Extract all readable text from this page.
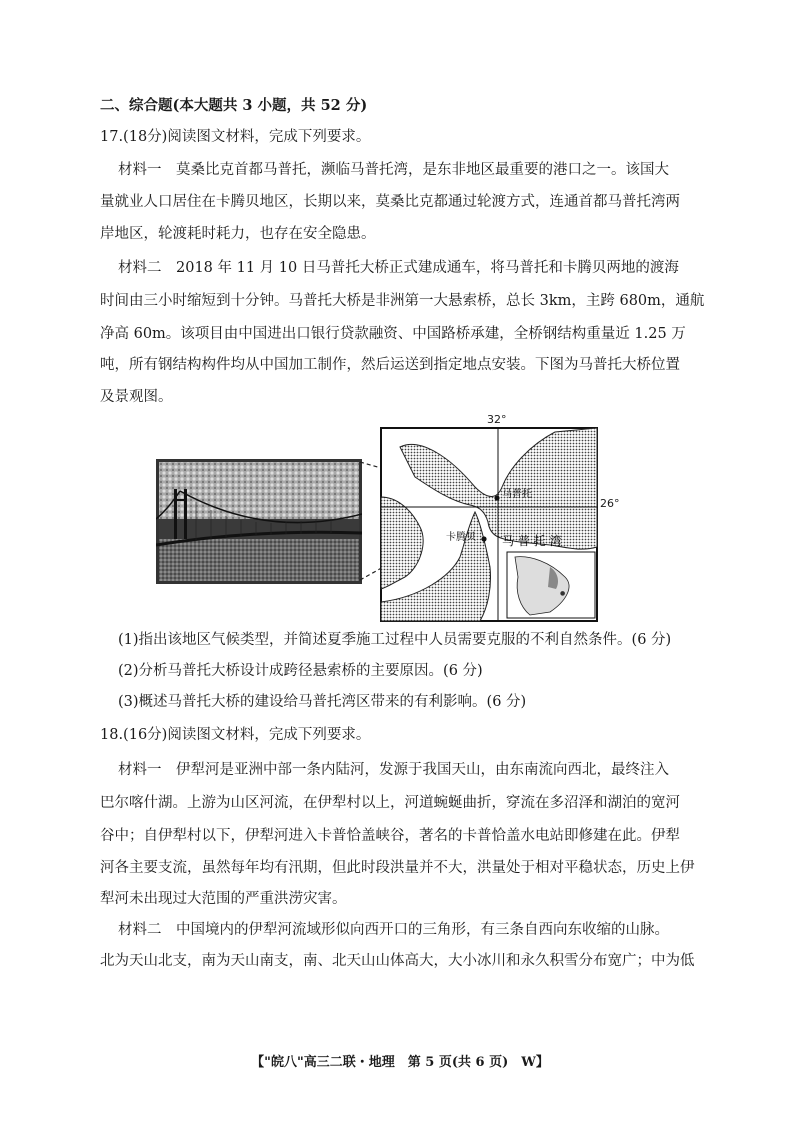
二、综合题(本大题共 3 小题，共 52 分)
17.(18分)阅读图文材料，完成下列要求。
材料一　莫桑比克首都马普托，濒临马普托湾，是东非地区最重要的港口之一。该国大
量就业人口居住在卡腾贝地区，长期以来，莫桑比克都通过轮渡方式，连通首都马普托湾两
岸地区，轮渡耗时耗力，也存在安全隐患。
材料二　2018 年 11 月 10 日马普托大桥正式建成通车，将马普托和卡腾贝两地的渡海
时间由三小时缩短到十分钟。马普托大桥是非洲第一大悬索桥，总长 3km，主跨 680m，通航
净高 60m。该项目由中国进出口银行贷款融资、中国路桥承建，全桥钢结构重量近 1.25 万
吨，所有钢结构构件均从中国加工制作，然后运送到指定地点安装。下图为马普托大桥位置
及景观图。
马普托
卡腾贝 马 普 托 湾
●
32°
26°
(1)指出该地区气候类型，并简述夏季施工过程中人员需要克服的不利自然条件。(6 分)
(2)分析马普托大桥设计成跨径悬索桥的主要原因。(6 分)
(3)概述马普托大桥的建设给马普托湾区带来的有利影响。(6 分)
18.(16分)阅读图文材料，完成下列要求。
材料一　伊犁河是亚洲中部一条内陆河，发源于我国天山，由东南流向西北，最终注入
巴尔喀什湖。上游为山区河流，在伊犁村以上，河道蜿蜒曲折，穿流在多沼泽和湖泊的宽河
谷中；自伊犁村以下，伊犁河进入卡普恰盖峡谷，著名的卡普恰盖水电站即修建在此。伊犁
河各主要支流，虽然每年均有汛期，但此时段洪量并不大，洪量处于相对平稳状态，历史上伊
犁河未出现过大范围的严重洪涝灾害。
材料二　中国境内的伊犁河流域形似向西开口的三角形，有三条自西向东收缩的山脉。
北为天山北支，南为天山南支，南、北天山山体高大，大小冰川和永久积雪分布宽广；中为低
【"皖八"高三二联・地理　第 5 页(共 6 页)　W】
